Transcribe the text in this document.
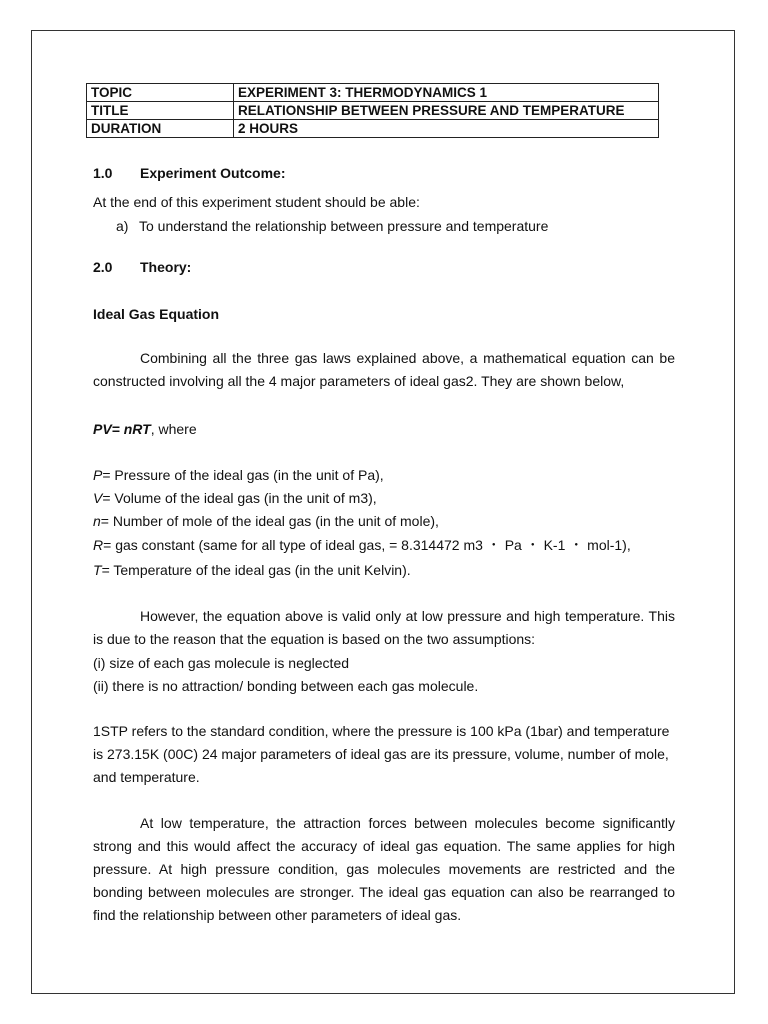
TOPIC	EXPERIMENT 3: THERMODYNAMICS 1
TITLE	RELATIONSHIP BETWEEN PRESSURE AND TEMPERATURE
DURATION	2 HOURS
1.0 Experiment Outcome:
At the end of this experiment student should be able:
a) To understand the relationship between pressure and temperature
2.0 Theory:
Ideal Gas Equation
Combining all the three gas laws explained above, a mathematical equation can be constructed involving all the 4 major parameters of ideal gas2. They are shown below,
PV= nRT, where
P= Pressure of the ideal gas (in the unit of Pa),
V= Volume of the ideal gas (in the unit of m3),
n= Number of mole of the ideal gas (in the unit of mole),
R= gas constant (same for all type of ideal gas, = 8.314472 m3 ・ Pa ・ K-1 ・ mol-1),
T= Temperature of the ideal gas (in the unit Kelvin).
However, the equation above is valid only at low pressure and high temperature. This is due to the reason that the equation is based on the two assumptions:
(i) size of each gas molecule is neglected
(ii) there is no attraction/ bonding between each gas molecule.
1STP refers to the standard condition, where the pressure is 100 kPa (1bar) and temperature is 273.15K (00C) 24 major parameters of ideal gas are its pressure, volume, number of mole, and temperature.
At low temperature, the attraction forces between molecules become significantly strong and this would affect the accuracy of ideal gas equation. The same applies for high pressure. At high pressure condition, gas molecules movements are restricted and the bonding between molecules are stronger. The ideal gas equation can also be rearranged to find the relationship between other parameters of ideal gas.
